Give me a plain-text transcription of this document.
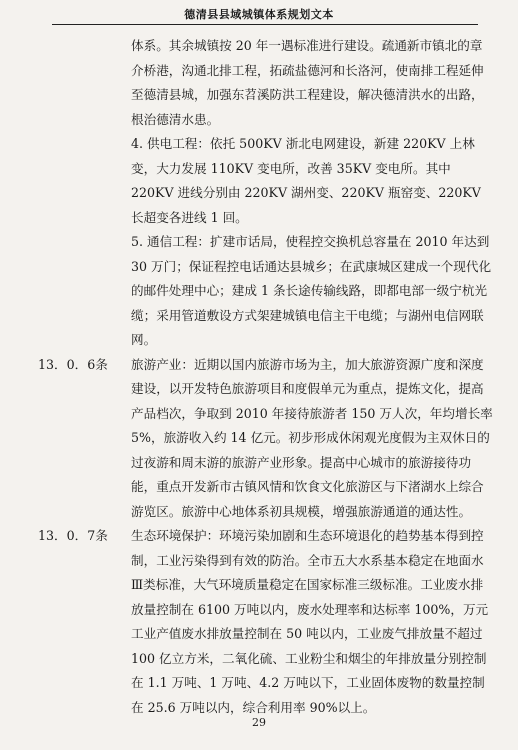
德清县县域城镇体系规划文本
体系。其余城镇按 20 年一遇标准进行建设。疏通新市镇北的章介桥港，沟通北排工程，拓疏盐德河和长洛河，使南排工程延伸至德清县城，加强东苕溪防洪工程建设，解决德清洪水的出路，根治德清水患。
4. 供电工程：依托 500KV 浙北电网建设，新建 220KV 上林变，大力发展 110KV 变电所，改善 35KV 变电所。其中 220KV 进线分别由 220KV 湖州变、220KV 瓶窑变、220KV 长超变各进线 1 回。
5. 通信工程：扩建市话局，使程控交换机总容量在 2010 年达到 30 万门；保证程控电话通达县城乡；在武康城区建成一个现代化的邮件处理中心；建成 1 条长途传输线路，即都电部一级宁杭光缆；采用管道敷设方式架建城镇电信主干电缆；与湖州电信网联网。
13．0．6条	旅游产业：近期以国内旅游市场为主，加大旅游资源广度和深度建设，以开发特色旅游项目和度假单元为重点，提炼文化，提高产品档次，争取到 2010 年接待旅游者 150 万人次，年均增长率 5%，旅游收入约 14 亿元。初步形成休闲观光度假为主双休日的过夜游和周末游的旅游产业形象。提高中心城市的旅游接待功能，重点开发新市古镇风情和饮食文化旅游区与下渚湖水上综合游览区。旅游中心地体系初具规模，增强旅游通道的通达性。
13．0．7条	生态环境保护：环境污染加剧和生态环境退化的趋势基本得到控制，工业污染得到有效的防治。全市五大水系基本稳定在地面水Ⅲ类标准，大气环境质量稳定在国家标准三级标准。工业废水排放量控制在 6100 万吨以内，废水处理率和达标率 100%，万元工业产值废水排放量控制在 50 吨以内，工业废气排放量不超过 100 亿立方米，二氧化硫、工业粉尘和烟尘的年排放量分别控制在 1.1 万吨、1 万吨、4.2 万吨以下，工业固体废物的数量控制在 25.6 万吨以内，综合利用率 90%以上。
29
